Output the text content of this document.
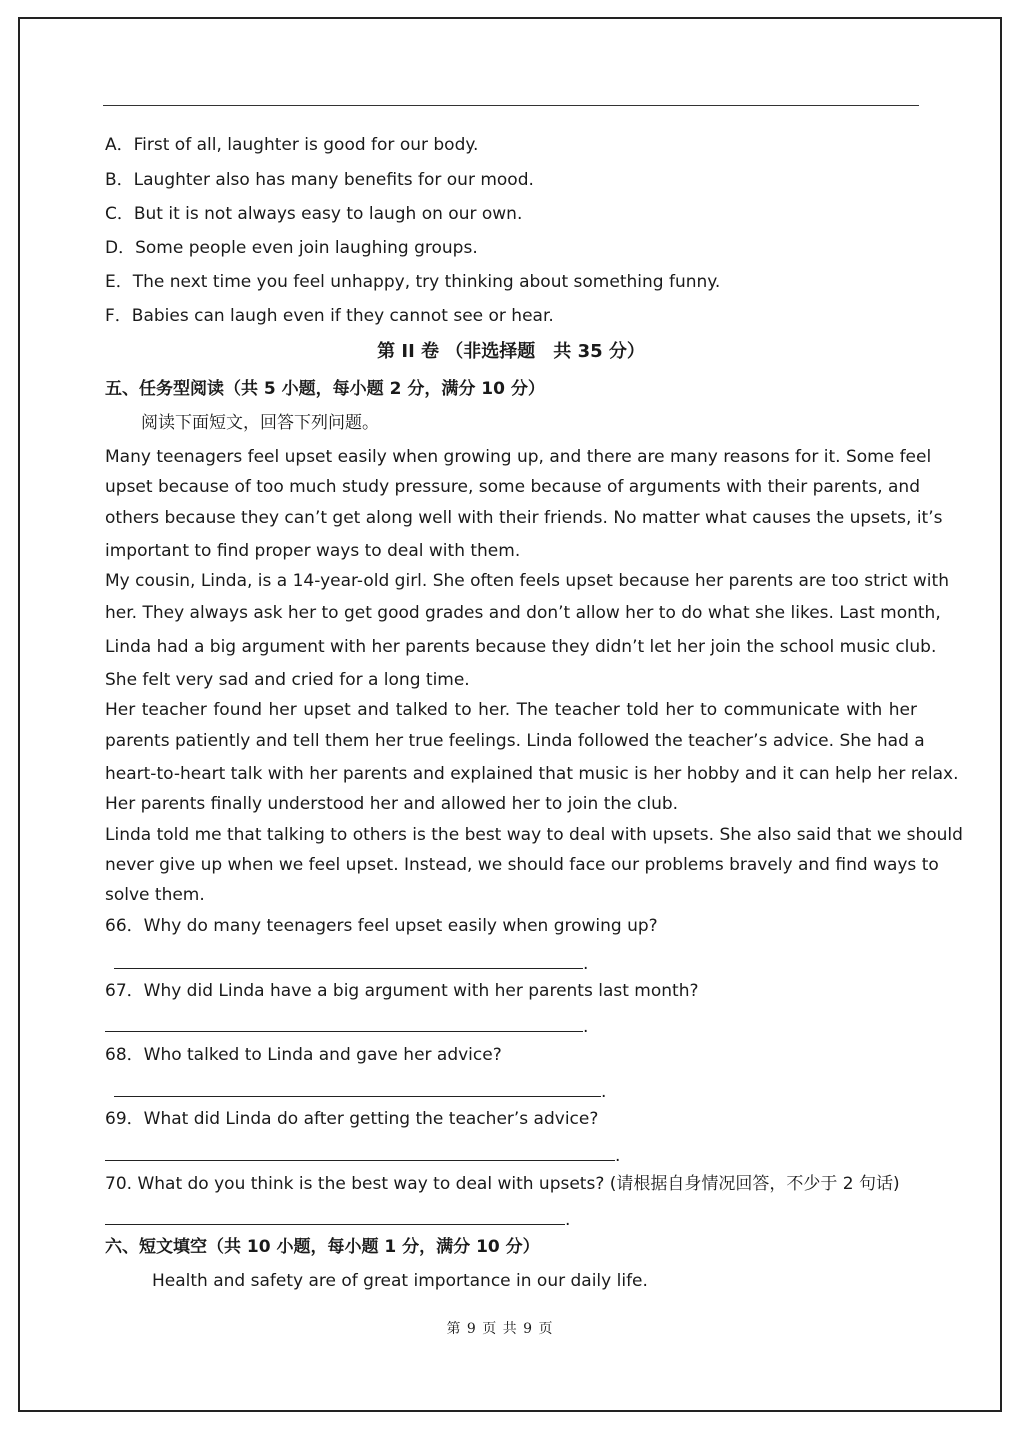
A．First of all, laughter is good for our body.
B．Laughter also has many benefits for our mood.
C．But it is not always easy to laugh on our own.
D．Some people even join laughing groups.
E．The next time you feel unhappy, try thinking about something funny.
F．Babies can laugh even if they cannot see or hear.
第 II 卷 （非选择题　共 35 分）
五、任务型阅读（共 5 小题，每小题 2 分，满分 10 分）
阅读下面短文，回答下列问题。
Many teenagers feel upset easily when growing up, and there are many reasons for it. Some feel
upset because of too much study pressure, some because of arguments with their parents, and
others because they can’t get along well with their friends. No matter what causes the upsets, it’s
important to find proper ways to deal with them.
My cousin, Linda, is a 14-year-old girl. She often feels upset because her parents are too strict with
her. They always ask her to get good grades and don’t allow her to do what she likes. Last month,
Linda had a big argument with her parents because they didn’t let her join the school music club.
She felt very sad and cried for a long time.
Her teacher found her upset and talked to her. The teacher told her to communicate with her
parents patiently and tell them her true feelings. Linda followed the teacher’s advice. She had a
heart-to-heart talk with her parents and explained that music is her hobby and it can help her relax.
Her parents finally understood her and allowed her to join the club.
Linda told me that talking to others is the best way to deal with upsets. She also said that we should
never give up when we feel upset. Instead, we should face our problems bravely and find ways to
solve them.
66．Why do many teenagers feel upset easily when growing up?
.
67．Why did Linda have a big argument with her parents last month?
.
68．Who talked to Linda and gave her advice?
.
69．What did Linda do after getting the teacher’s advice?
.
70. What do you think is the best way to deal with upsets? (请根据自身情况回答，不少于 2 句话)
.
六、短文填空（共 10 小题，每小题 1 分，满分 10 分）
Health and safety are of great importance in our daily life.
第 9 页 共 9 页
